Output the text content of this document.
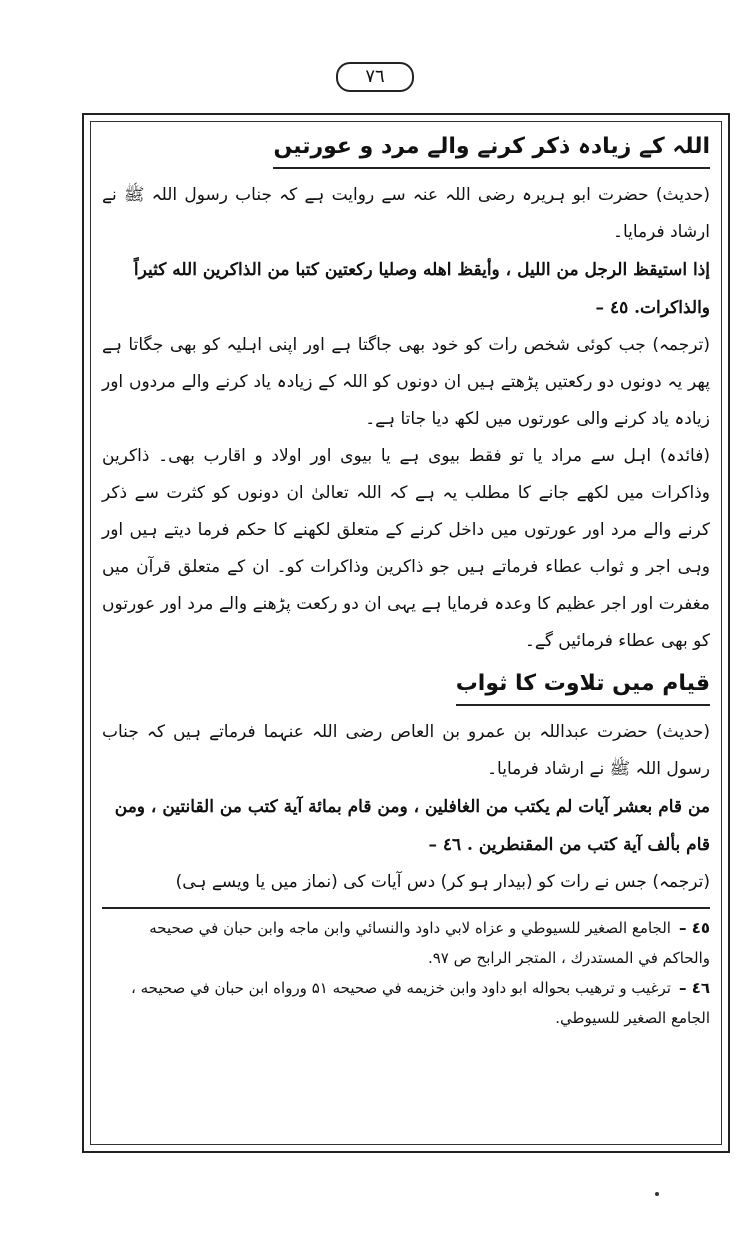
٧٦
اللہ کے زیادہ ذکر کرنے والے مرد و عورتیں

(حدیث) حضرت ابو ہریرہ رضی اللہ عنہ سے روایت ہے کہ جناب رسول اللہ ﷺ نے ارشاد فرمایا۔

إذا استيقظ الرجل من الليل ، وأيقظ اهله وصليا ركعتين كتبا من الذاكرين الله كثيراً والذاكرات. ٤٥ –

(ترجمہ) جب کوئی شخص رات کو خود بھی جاگتا ہے اور اپنی اہلیہ کو بھی جگاتا ہے پھر یہ دونوں دو رکعتیں پڑھتے ہیں ان دونوں کو اللہ کے زیادہ یاد کرنے والے مردوں اور زیادہ یاد کرنے والی عورتوں میں لکھ دیا جاتا ہے۔

(فائدہ) اہل سے مراد یا تو فقط بیوی ہے یا بیوی اور اولاد و اقارب بھی۔ ذاکرین وذاکرات میں لکھے جانے کا مطلب یہ ہے کہ اللہ تعالیٰ ان دونوں کو کثرت سے ذکر کرنے والے مرد اور عورتوں میں داخل کرنے کے متعلق لکھنے کا حکم فرما دیتے ہیں اور وہی اجر و ثواب عطاء فرماتے ہیں جو ذاکرین وذاکرات کو۔ ان کے متعلق قرآن میں مغفرت اور اجر عظیم کا وعدہ فرمایا ہے یہی ان دو رکعت پڑھنے والے مرد اور عورتوں کو بھی عطاء فرمائیں گے۔

قیام میں تلاوت کا ثواب

(حدیث) حضرت عبداللہ بن عمرو بن العاص رضی اللہ عنہما فرماتے ہیں کہ جناب رسول اللہ ﷺ نے ارشاد فرمایا۔

من قام بعشر آيات لم يكتب من الغافلين ، ومن قام بمائة آية كتب من القانتين ، ومن قام بألف آية كتب من المقنطرين . ٤٦ –

(ترجمہ) جس نے رات کو (بیدار ہو کر) دس آیات کی (نماز میں یا ویسے ہی)

٤٥ –الجامع الصغير للسيوطي و عزاه لابي داود والنسائي وابن ماجه وابن حبان في صحيحه والحاكم في المستدرك ، المتجر الرابح ص ٩٧.

٤٦ –ترغيب و ترهيب بحواله ابو داود وابن خزيمه في صحيحه ۵۱ ورواه ابن حبان في صحيحه ، الجامع الصغير للسيوطي.
